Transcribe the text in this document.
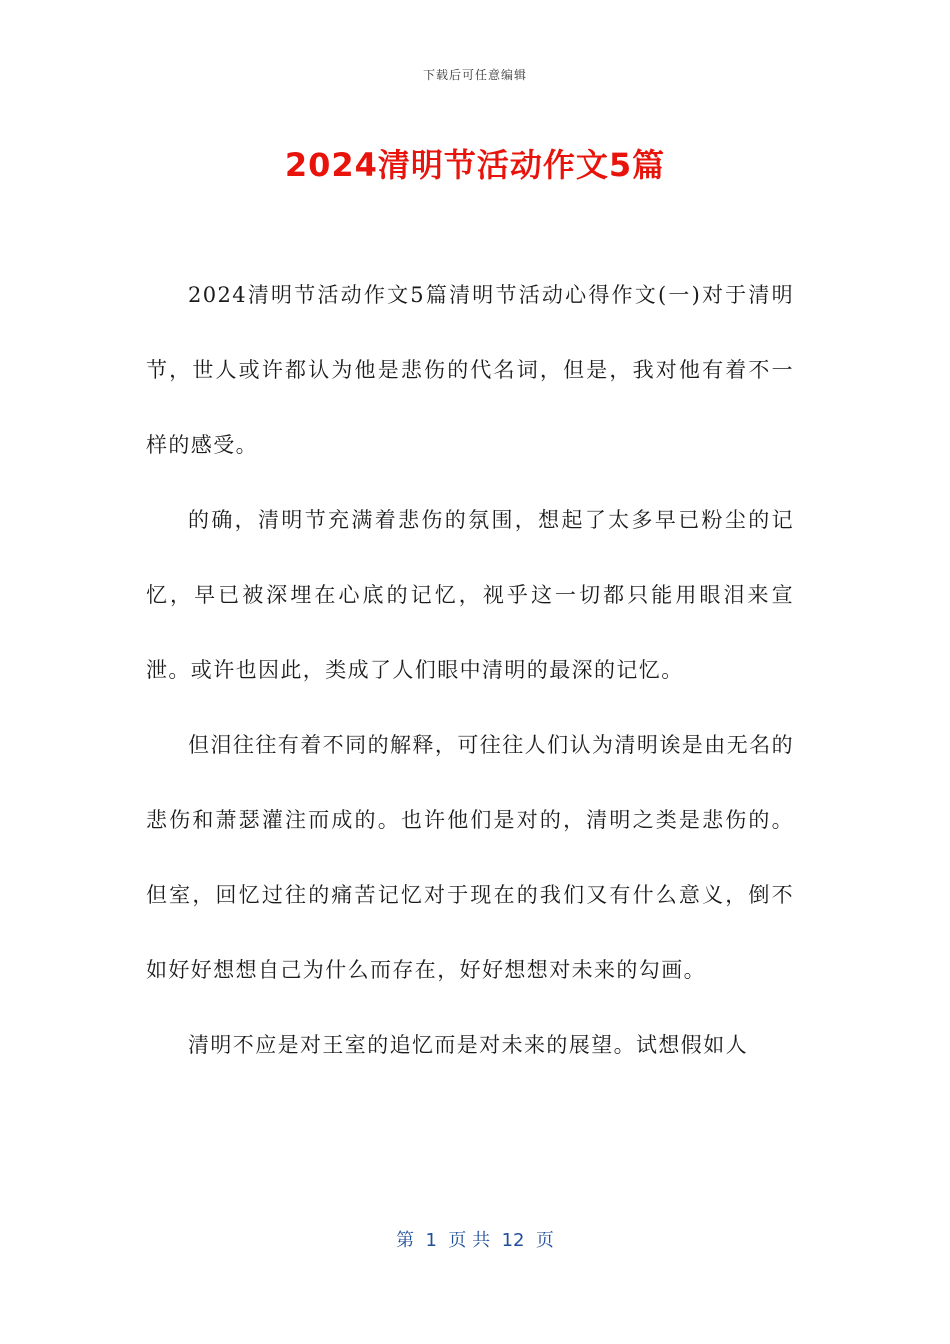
下载后可任意编辑
2024清明节活动作文5篇

2024清明节活动作文5篇清明节活动心得作文(一)对于清明节，世人或许都认为他是悲伤的代名词，但是，我对他有着不一样的感受。

的确，清明节充满着悲伤的氛围，想起了太多早已粉尘的记忆，早已被深埋在心底的记忆，视乎这一切都只能用眼泪来宣泄。或许也因此，类成了人们眼中清明的最深的记忆。

但泪往往有着不同的解释，可往往人们认为清明诶是由无名的悲伤和萧瑟灌注而成的。也许他们是对的，清明之类是悲伤的。但室，回忆过往的痛苦记忆对于现在的我们又有什么意义，倒不如好好想想自己为什么而存在，好好想想对未来的勾画。

清明不应是对王室的追忆而是对未来的展望。试想假如人

第  1  页 共  12  页
